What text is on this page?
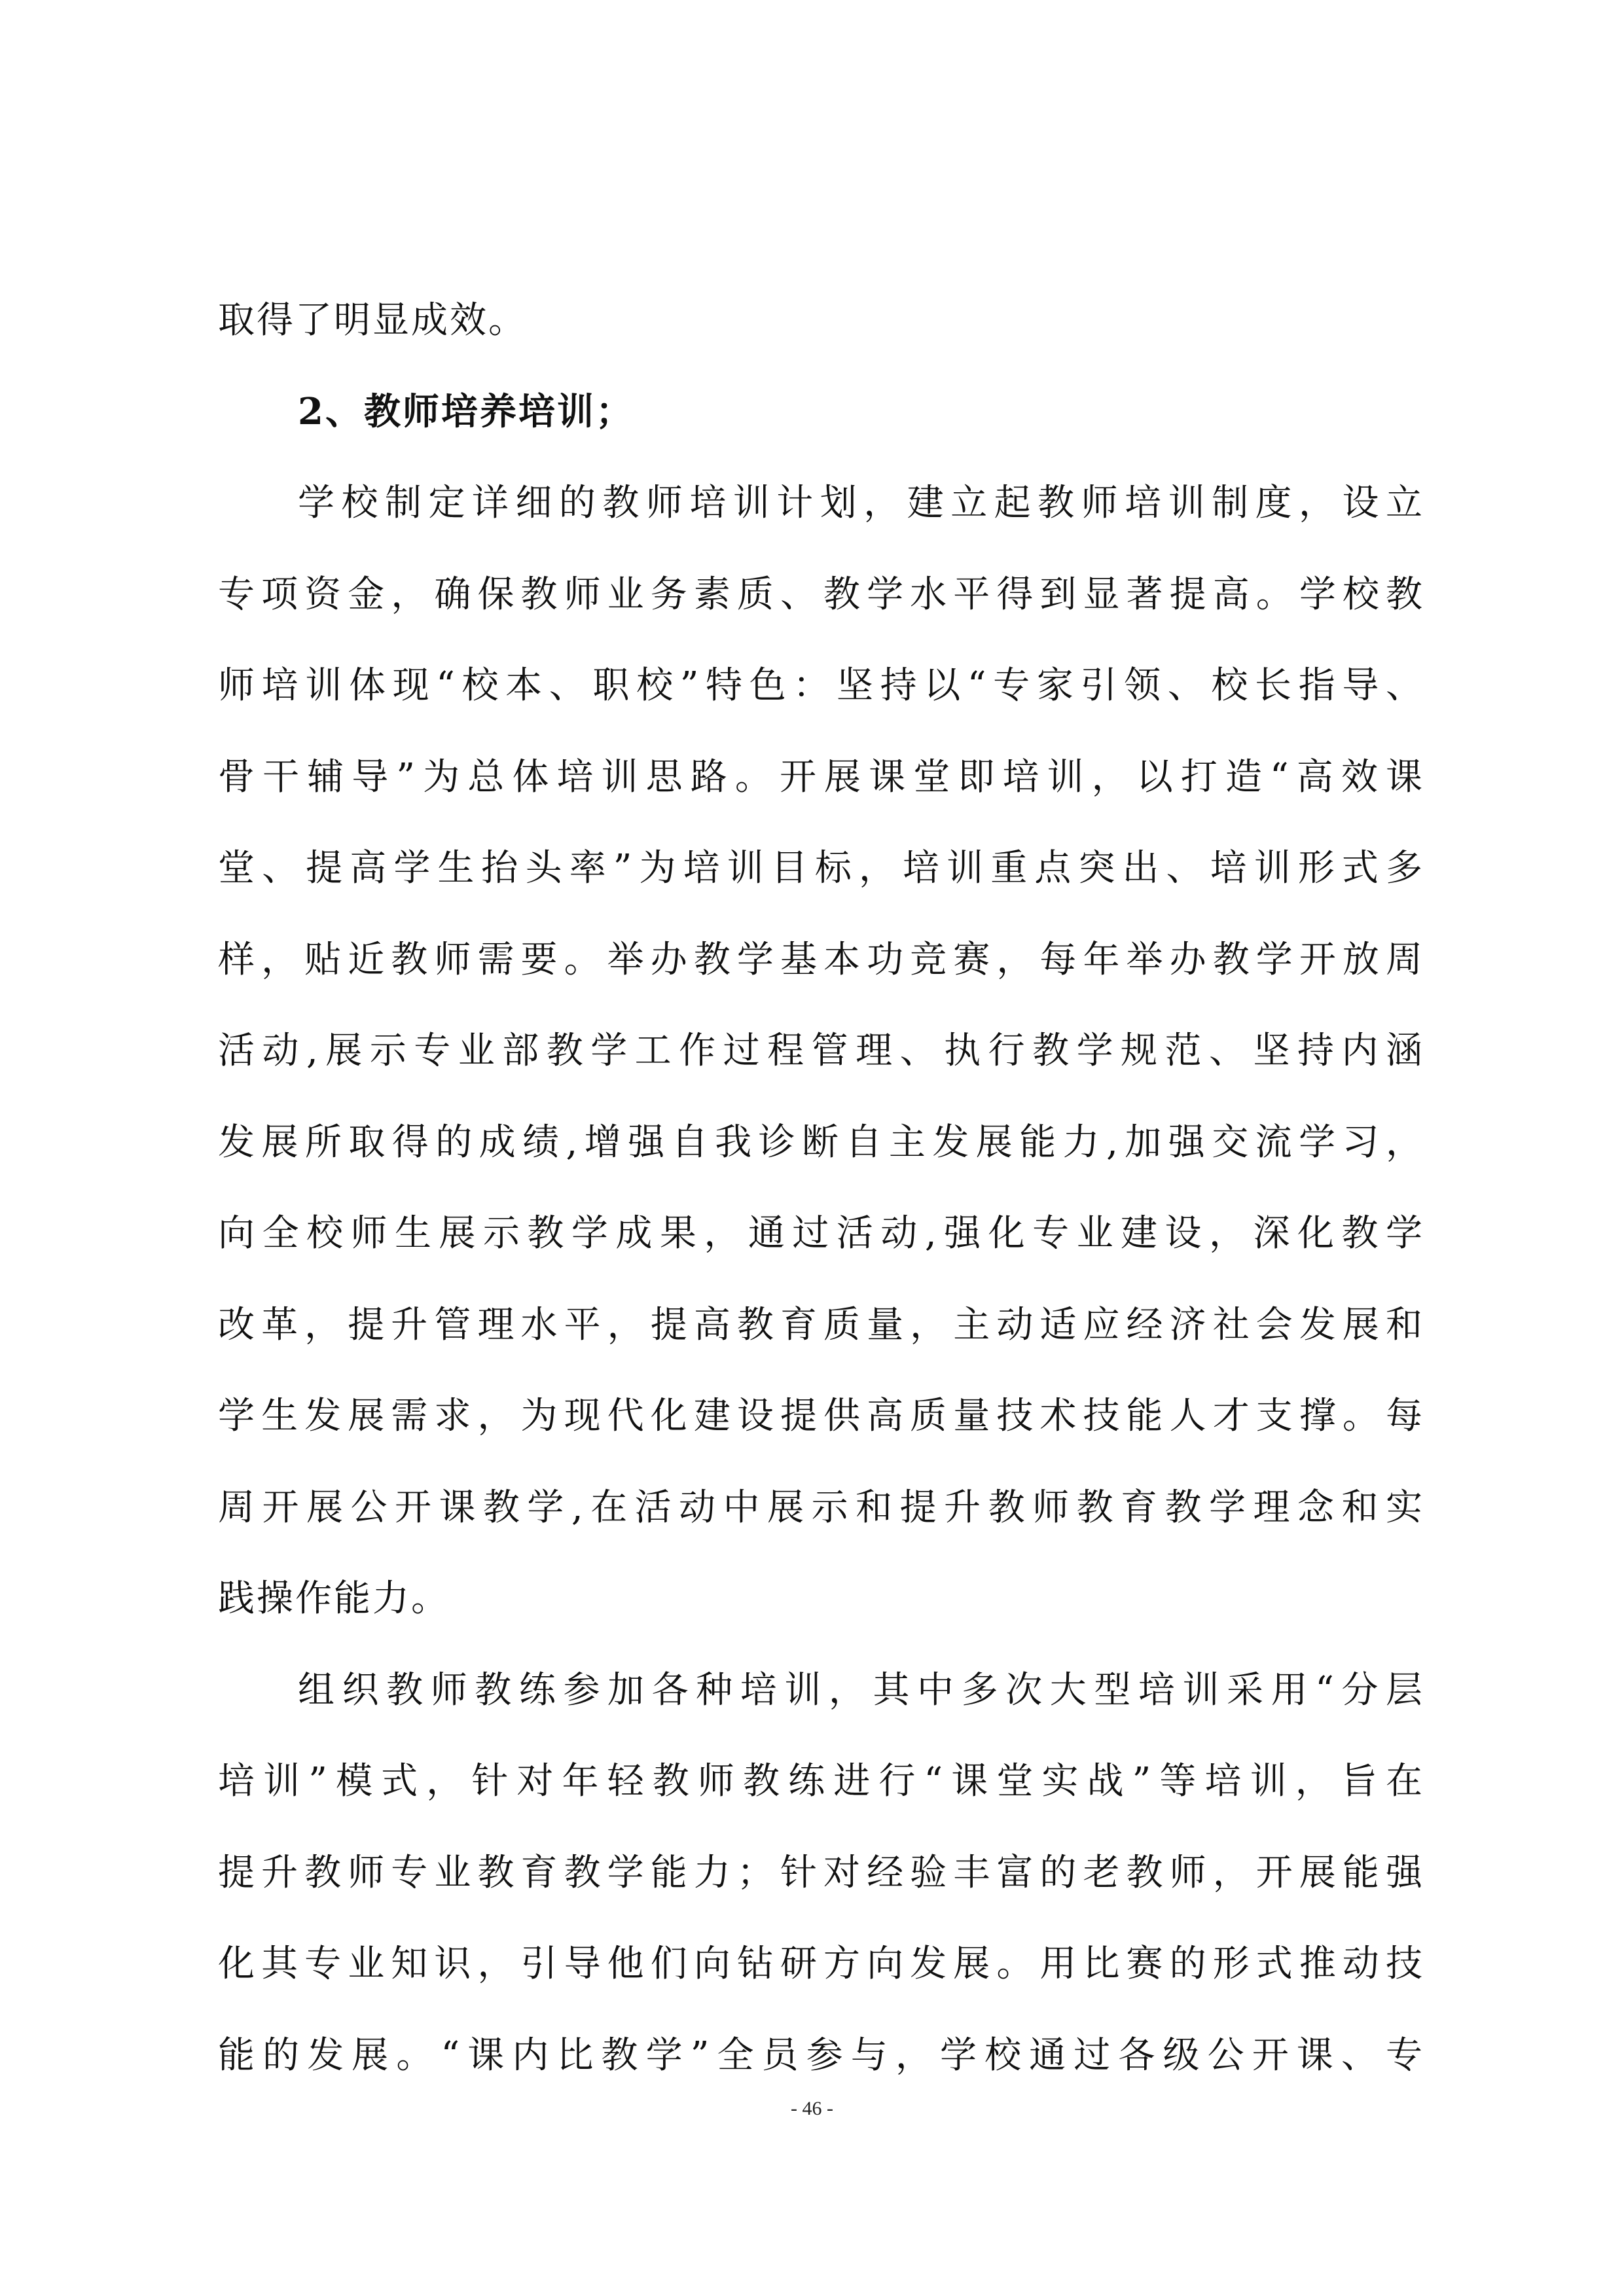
取得了明显成效。
2、教师培养培训；
学校制定详细的教师培训计划，建立起教师培训制度，设立
专项资金，确保教师业务素质、教学水平得到显著提高。学校教
师培训体现“校本、职校”特色：坚持以“专家引领、校长指导、
骨干辅导”为总体培训思路。开展课堂即培训，以打造“高效课
堂、提高学生抬头率”为培训目标，培训重点突出、培训形式多
样，贴近教师需要。举办教学基本功竞赛，每年举办教学开放周
活动,展示专业部教学工作过程管理、执行教学规范、坚持内涵
发展所取得的成绩,增强自我诊断自主发展能力,加强交流学习，
向全校师生展示教学成果，通过活动,强化专业建设，深化教学
改革，提升管理水平，提高教育质量，主动适应经济社会发展和
学生发展需求，为现代化建设提供高质量技术技能人才支撑。每
周开展公开课教学,在活动中展示和提升教师教育教学理念和实
践操作能力。
组织教师教练参加各种培训，其中多次大型培训采用“分层
培训”模式，针对年轻教师教练进行“课堂实战”等培训，旨在
提升教师专业教育教学能力；针对经验丰富的老教师，开展能强
化其专业知识，引导他们向钻研方向发展。用比赛的形式推动技
能的发展。“课内比教学”全员参与，学校通过各级公开课、专
- 46 -
